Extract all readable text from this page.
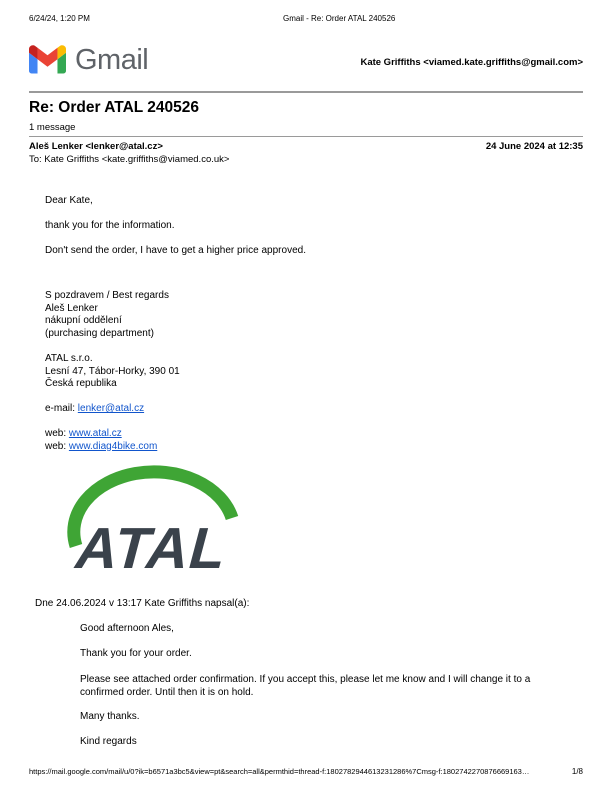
6/24/24, 1:20 PM	Gmail - Re: Order ATAL 240526
Gmail	Kate Griffiths <viamed.kate.griffiths@gmail.com>
Re: Order ATAL 240526
1 message
Aleš Lenker <lenker@atal.cz>	24 June 2024 at 12:35
To: Kate Griffiths <kate.griffiths@viamed.co.uk>
Dear Kate,
thank you for the information.
Don't send the order, I have to get a higher price approved.
S pozdravem / Best regards
Aleš Lenker
nákupní oddělení
(purchasing department)
ATAL s.r.o.
Lesní 47, Tábor-Horky, 390 01
Česká republika
e-mail: lenker@atal.cz
web: www.atal.cz
web: www.diag4bike.com
ATAL
Dne 24.06.2024 v 13:17 Kate Griffiths napsal(a):
Good afternoon Ales,
Thank you for your order.
Please see attached order confirmation. If you accept this, please let me know and I will change it to a confirmed order. Until then it is on hold.
Many thanks.
Kind regards
https://mail.google.com/mail/u/0?ik=b6571a3bc5&view=pt&search=all&permthid=thread-f:1802782944613231286%7Cmsg-f:1802742270876669163…	1/8
